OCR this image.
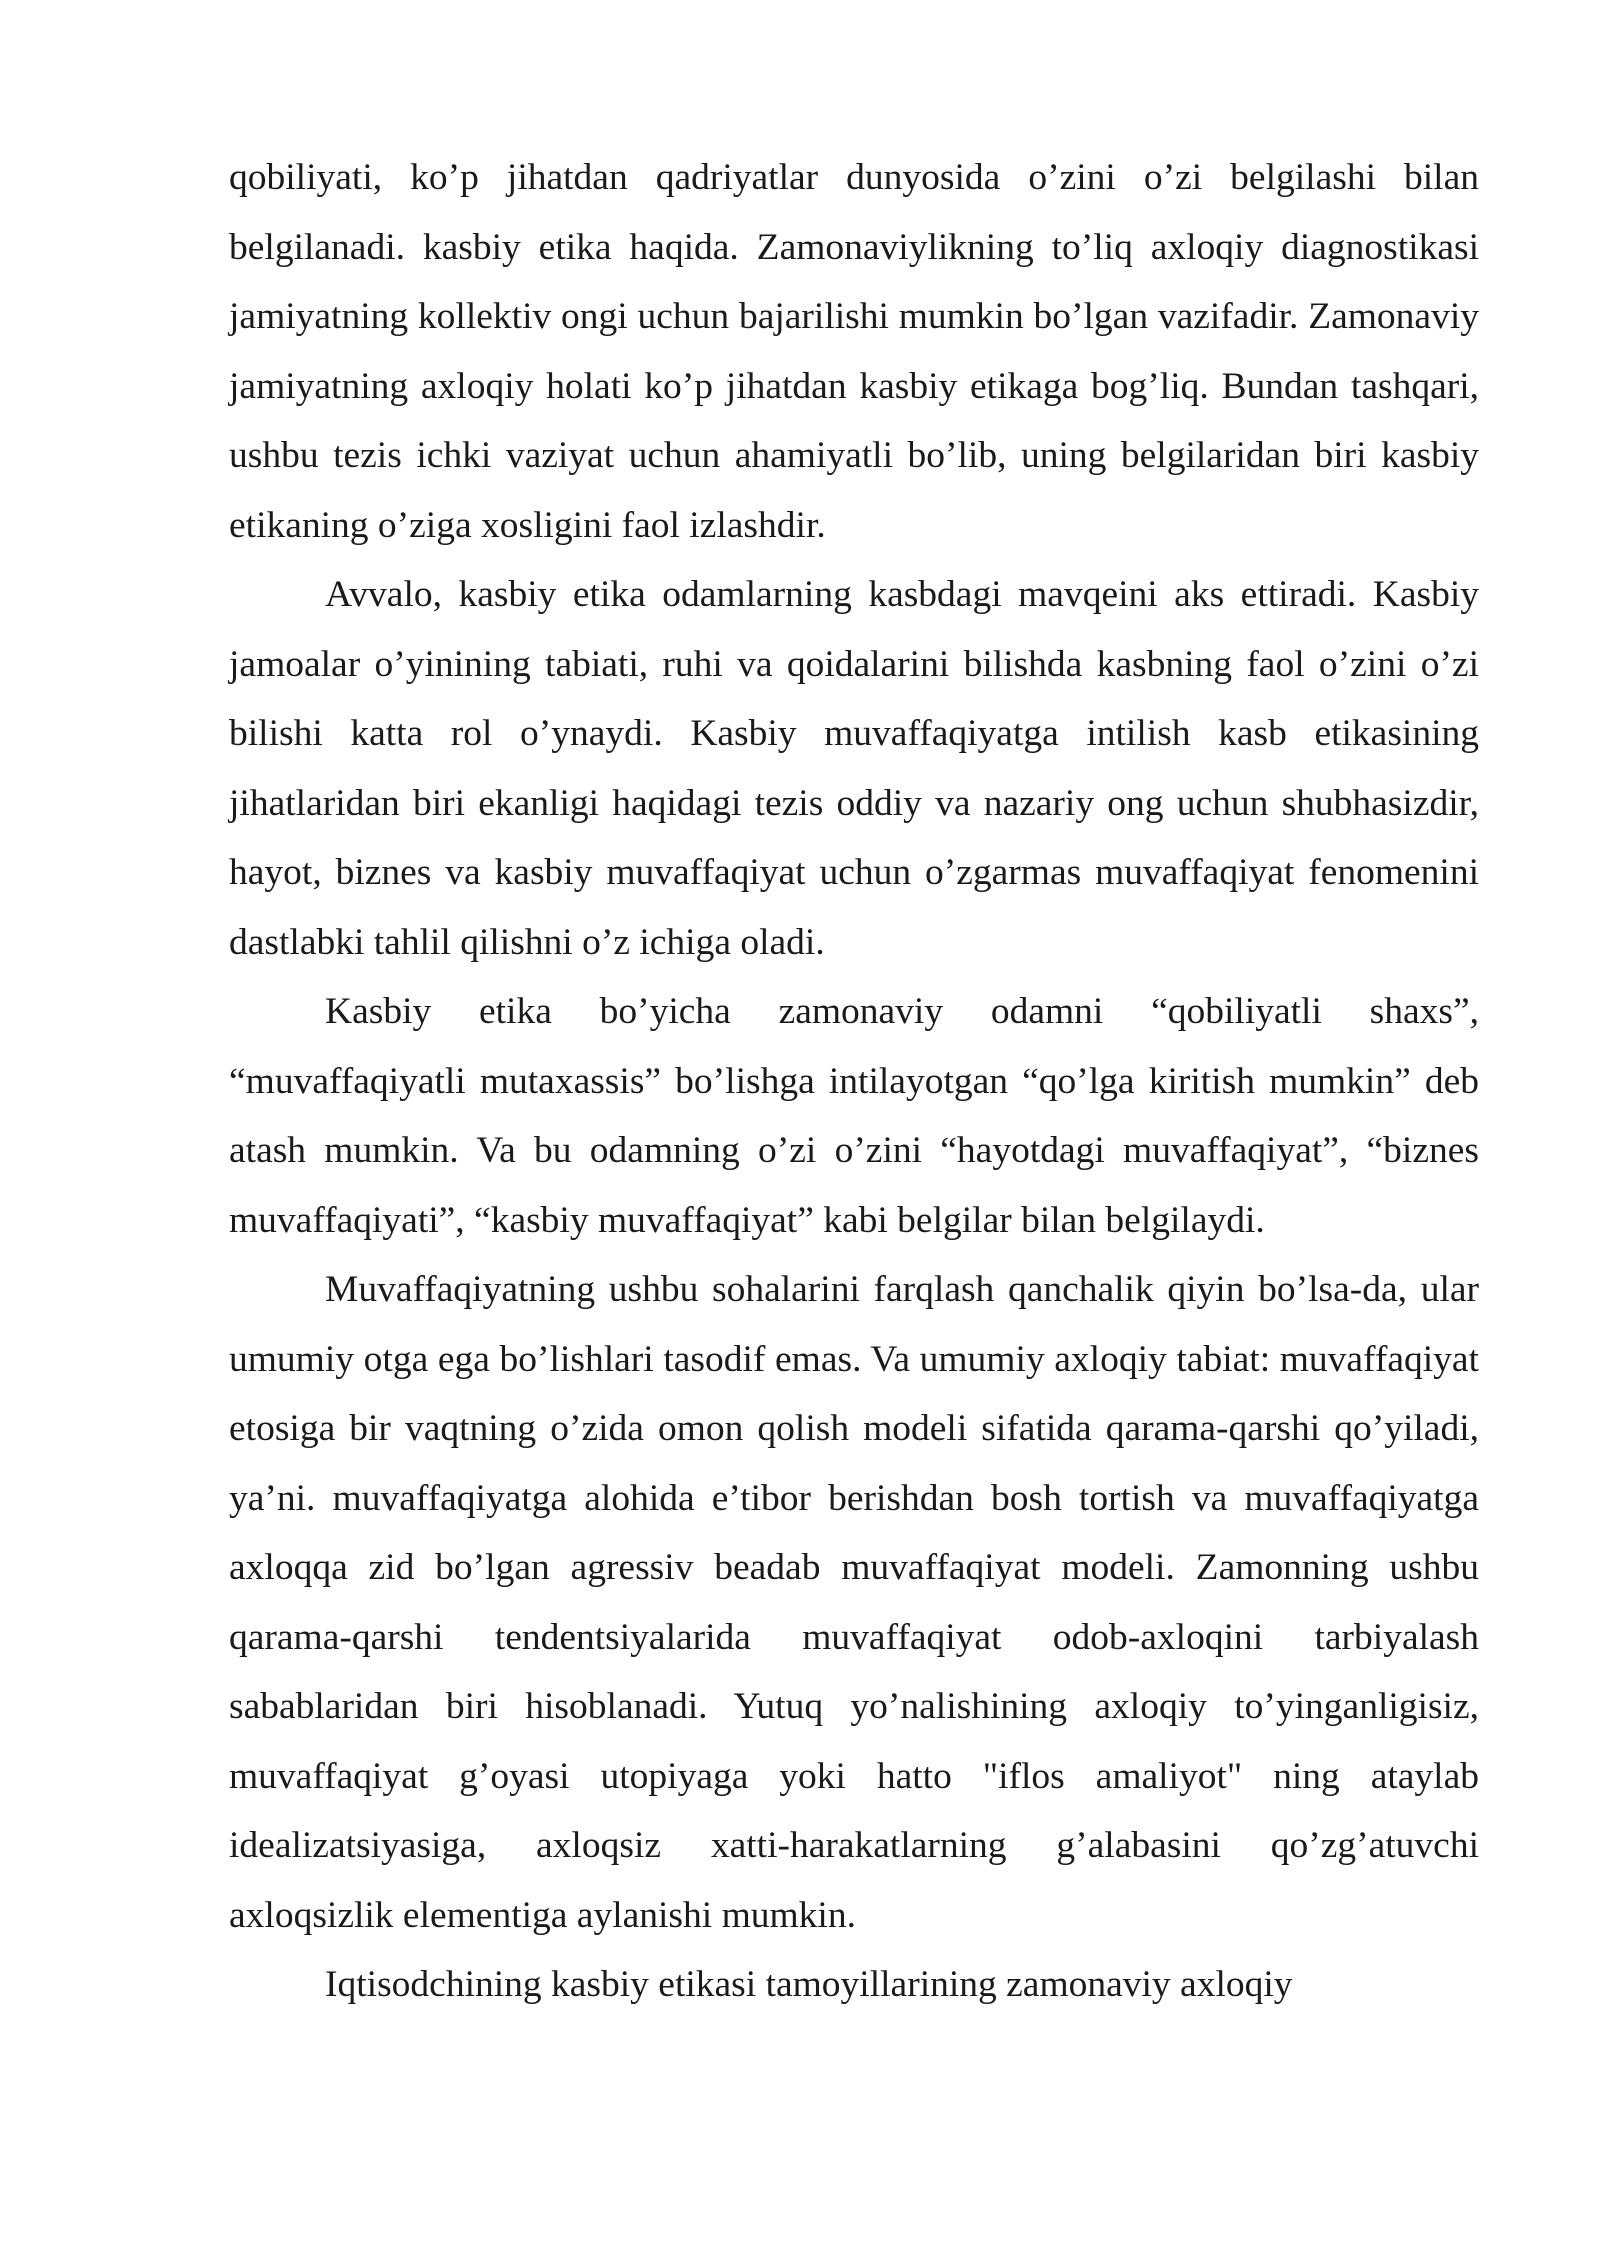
qobiliyati, ko’p jihatdan qadriyatlar dunyosida o’zini o’zi belgilashi bilan belgilanadi. kasbiy etika haqida. Zamonaviylikning to’liq axloqiy diagnostikasi jamiyatning kollektiv ongi uchun bajarilishi mumkin bo’lgan vazifadir. Zamonaviy jamiyatning axloqiy holati ko’p jihatdan kasbiy etikaga bog’liq. Bundan tashqari, ushbu tezis ichki vaziyat uchun ahamiyatli bo’lib, uning belgilaridan biri kasbiy etikaning o’ziga xosligini faol izlashdir.

Avvalo, kasbiy etika odamlarning kasbdagi mavqeini aks ettiradi. Kasbiy jamoalar o’yinining tabiati, ruhi va qoidalarini bilishda kasbning faol o’zini o’zi bilishi katta rol o’ynaydi. Kasbiy muvaffaqiyatga intilish kasb etikasining jihatlaridan biri ekanligi haqidagi tezis oddiy va nazariy ong uchun shubhasizdir, hayot, biznes va kasbiy muvaffaqiyat uchun o’zgarmas muvaffaqiyat fenomenini dastlabki tahlil qilishni o’z ichiga oladi.

Kasbiy etika bo’yicha zamonaviy odamni “qobiliyatli shaxs”, “muvaffaqiyatli mutaxassis” bo’lishga intilayotgan “qo’lga kiritish mumkin” deb atash mumkin. Va bu odamning o’zi o’zini “hayotdagi muvaffaqiyat”, “biznes muvaffaqiyati”, “kasbiy muvaffaqiyat” kabi belgilar bilan belgilaydi.

Muvaffaqiyatning ushbu sohalarini farqlash qanchalik qiyin bo’lsa-da, ular umumiy otga ega bo’lishlari tasodif emas. Va umumiy axloqiy tabiat: muvaffaqiyat etosiga bir vaqtning o’zida omon qolish modeli sifatida qarama-qarshi qo’yiladi, ya’ni. muvaffaqiyatga alohida e’tibor berishdan bosh tortish va muvaffaqiyatga axloqqa zid bo’lgan agressiv beadab muvaffaqiyat modeli. Zamonning ushbu qarama-qarshi tendentsiyalarida muvaffaqiyat odob-axloqini tarbiyalash sabablaridan biri hisoblanadi. Yutuq yo’nalishining axloqiy to’yinganligisiz, muvaffaqiyat g’oyasi utopiyaga yoki hatto "iflos amaliyot" ning ataylab idealizatsiyasiga, axloqsiz xatti-harakatlarning g’alabasini qo’zg’atuvchi axloqsizlik elementiga aylanishi mumkin.

Iqtisodchining kasbiy etikasi tamoyillarining zamonaviy axloqiy
